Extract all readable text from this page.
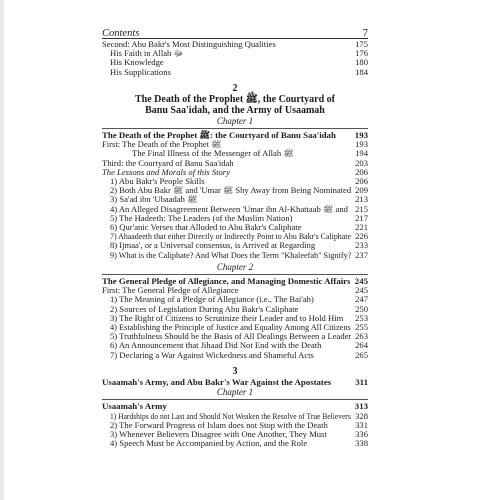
Contents	7
Second: Abu Bakr's Most Distinguishing Qualities	175
His Faith in Allah ﷻ	176
His Knowledge	180
His Supplications	184
2
The Death of the Prophet ﷺ, the Courtyard of
Banu Saa'idah, and the Army of Usaamah
Chapter 1
The Death of the Prophet ﷺ: the Courtyard of Banu Saa'idah 193
First: The Death of the Prophet ﷺ	193
The Final Illness of the Messenger of Allah ﷺ	194
Third: the Courtyard of Banu Saa'idah	203
The Lessons and Morals of this Story	206
1) Abu Bakr's People Skills	206
2) Both Abu Bakr ﷺ and 'Umar ﷺ Shy Away from Being Nominated 209
3) Sa'ad ibn 'Ubaadah ﷺ	213
4) An Alleged Disagreement Between 'Umar ibn Al-Khattaab ﷺ and 215
5) The Hadeeth: The Leaders (of the Muslim Nation)	217
6) Qur'anic Verses that Alluded to Abu Bakr's Caliphate	221
7) Ahaadeeth that either Directly or Indirectly Point to Abu Bakr's Caliphate 226
8) Ijmaa', or a Universal consensus, is Arrived at Regarding	233
9) What is the Caliphate? And What Does the Term "Khaleefah" Signify? 237
Chapter 2
The General Pledge of Allegiance, and Managing Domestic Affairs 245
First: The General Pledge of Allegiance	245
1) The Meaning of a Pledge of Allegiance (i.e., The Bai'ah)	247
2) Sources of Legislation During Abu Bakr's Caliphate	250
3) The Right of Citizens to Scrutinize their Leader and to Hold Him 253
4) Establishing the Principle of Justice and Equality Among All Citizens 255
5) Truthfulness Should be the Basis of All Dealings Between a Leader 263
6) An Announcement that Jihaad Did Not End with the Death	264
7) Declaring a War Against Wickedness and Shameful Acts	265
3
Usaamah's Army, and Abu Bakr's War Against the Apostates	311
Chapter 1
Usaamah's Army	313
1) Hardships do not Last and Should Not Weaken the Resolve of True Believers 328
2) The Forward Progress of Islam does not Stop with the Death	331
3) Whenever Believers Disagree with One Another, They Must	336
4) Speech Must be Accompanied by Action, and the Role	338
